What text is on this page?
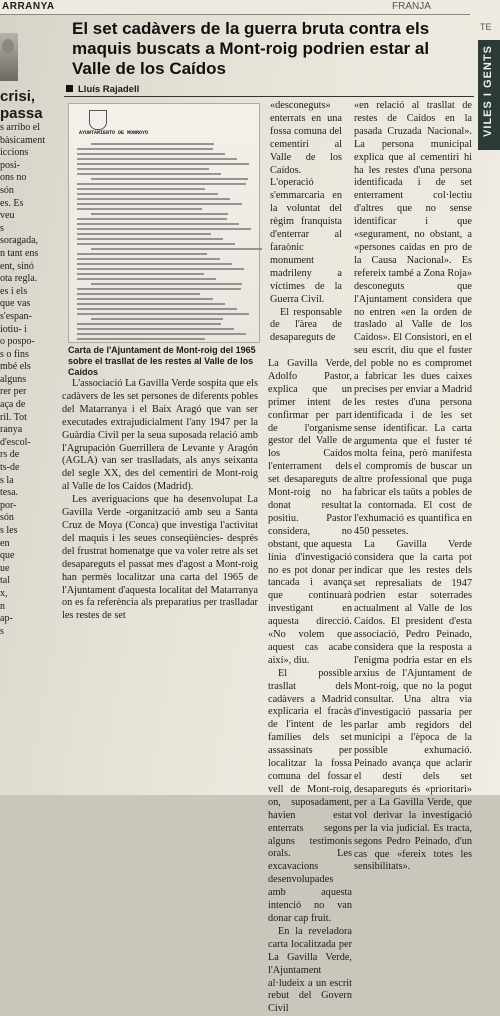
ARRANYA	FRANJA
TE
VILES I GENTS
El set cadàvers de la guerra bruta contra els maquis buscats a Mont-roig podrien estar al Valle de los Caídos
Lluís Rajadell
crisi,
passa
s arribo el
bàsicament
iccions posi-
ons no són
es. Es veu
s soragada,
n tant ens
ent, sinó
ota regla.
es i els
que vas
s'espan-
iotiu- i
o pospo-
s o fins
mbé els
alguns
rer per
aça de
ril. Tot
ranya
d'escol-
rs de
ts-de
s la
tesa.
por-
són
s les
en
que
ue
tal
x,
n
ap-
s
AYUNTAMIENTO DE MONROYO
Carta de l'Ajuntament de Mont-roig del 1965 sobre el trasllat de les restes al Valle de los Caídos

«desconeguts» enterrats en una fossa comuna del cementiri al Valle de los Caídos. L'operació s'emmarcaria en la voluntat del règim franquista d'enterrar al faraònic monument madrileny a víctimes de la Guerra Civil.

El responsable de l'àrea de desapareguts de

L'associació La Gavilla Verde sospita que els cadàvers de les set persones de diferents pobles del Matarranya i el Baix Aragó que van ser executades extrajudicialment l'any 1947 per la Guàrdia Civil per la seua suposada relació amb l'Agrupación Guerrillera de Levante y Aragón (AGLA) van ser traslladats, als anys seixanta del segle XX, des del cementiri de Mont-roig al Valle de los Caídos (Madrid).

Les averiguacions que ha desenvolupat La Gavilla Verde -organització amb seu a Santa Cruz de Moya (Conca) que investiga l'activitat del maquis i les seues conseqüències- després del frustrat homenatge que va voler retre als set desapareguts el passat mes d'agost a Mont-roig han permès localitzar una carta del 1965 de l'Ajuntament d'aquesta localitat del Matarranya on es fa referència als preparatius per traslladar les restes de set

La Gavilla Verde, Adolfo Pastor, explica que un primer intent de confirmar per part de l'organisme gestor del Valle de los Caídos l'enterrament dels set desapareguts de Mont-roig no ha donat resultat positiu. Pastor considera, no obstant, que aquesta línia d'investigació no es pot donar per tancada i avança que continuarà investigant en aquesta direcció. «No volem que aquest cas acabe així», diu.

El possible trasllat dels cadàvers a Madrid explicaria el fracàs de l'intent de les famílies dels set assassinats per localitzar la fossa comuna del fossar vell de Mont-roig, on, suposadament, havien estat enterrats segons alguns testimonis orals. Les excavacions desenvolupades amb aquesta intenció no van donar cap fruit.

En la reveladora carta localitzada per La Gavilla Verde, l'Ajuntament al·ludeix a un escrit rebut del Govern Civil

«en relació al trasllat de restes de Caídos en la pasada Cruzada Nacional». La persona municipal explica que al cementiri hi ha les restes d'una persona identificada i de set enterrament col·lectiu d'altres que no sense identificar i que «segurament, no obstant, a «persones caídas en pro de la Causa Nacional». Es refereix també a Zona Roja» desconeguts que l'Ajuntament considera que no entren «en la orden de traslado al Valle de los Caídos». El Consistori, en el seu escrit, diu que el fuster del poble no es compromet a fabricar les dues caixes precises per enviar a Madrid les restes d'una persona identificada i de les set sense identificar. La carta argumenta que el fuster té molta feina, però manifesta el compromís de buscar un altre professional que puga fabricar els taüts a pobles de la contornada. El cost de l'exhumació es quantifica en 450 pessetes.

La Gavilla Verde considera que la carta pot indicar que les restes dels set represaliats de 1947 podrien estar soterrades actualment al Valle de los Caídos. El president d'esta associació, Pedro Peinado, considera que la resposta a l'enigma podria estar en els arxius de l'Ajuntament de Mont-roig, que no la pogut consultar. Una altra via d'investigació passaria per parlar amb regidors del municipi a l'època de la possible exhumació. Peinado avança que aclarir el destí dels set desapareguts és «prioritari» per a La Gavilla Verde, que vol derivar la investigació per la via judicial. Es tracta, segons Pedro Peinado, d'un cas que «fereix totes les sensibilitats».
